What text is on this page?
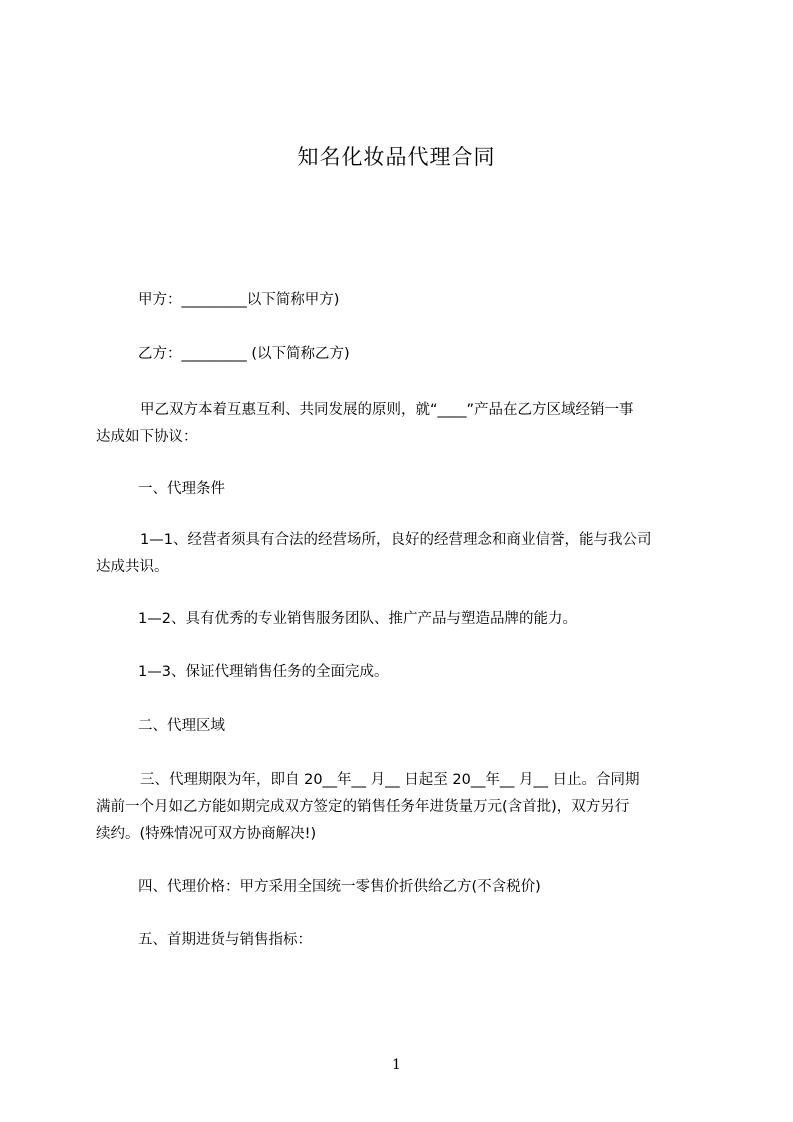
知名化妆品代理合同
甲方：_________以下简称甲方)
乙方：_________ (以下简称乙方)
甲乙双方本着互惠互利、共同发展的原则，就“____”产品在乙方区域经销一事
达成如下协议：
一、代理条件
1—1、经营者须具有合法的经营场所，良好的经营理念和商业信誉，能与我公司
达成共识。
1—2、具有优秀的专业销售服务团队、推广产品与塑造品牌的能力。
1—3、保证代理销售任务的全面完成。
二、代理区域
三、代理期限为年，即自 20__年__ 月__ 日起至 20__年__ 月__ 日止。合同期
满前一个月如乙方能如期完成双方签定的销售任务年进货量万元(含首批)，双方另行
续约。(特殊情况可双方协商解决!)
四、代理价格：甲方采用全国统一零售价折供给乙方(不含税价)
五、首期进货与销售指标：
1
